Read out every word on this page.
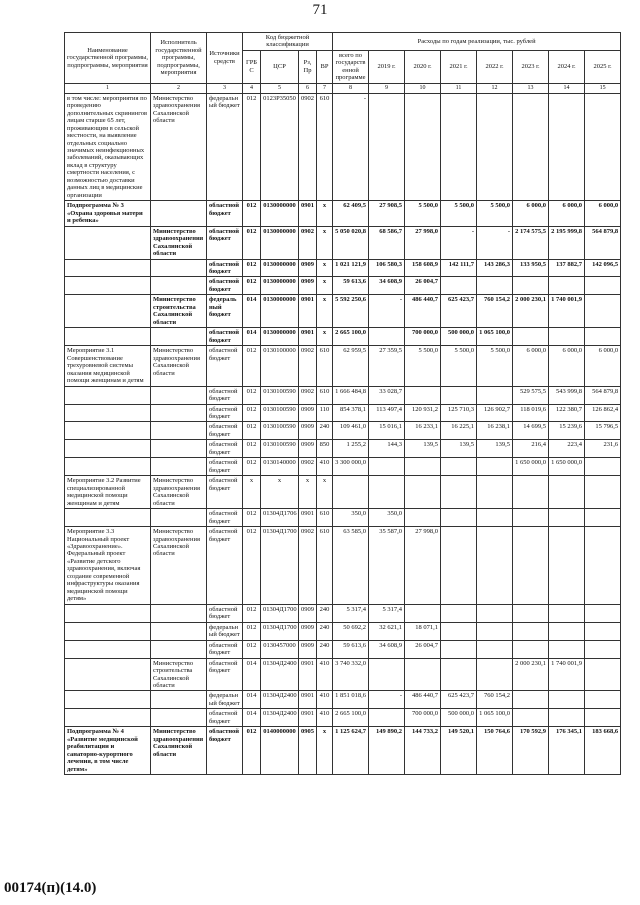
71
Наименование государственной программы, подпрограммы, мероприятия	Исполнитель государственной программы, подпрограммы, мероприятия	Источники средств	Код бюджетной классификации				Расходы по годам реализации, тыс. рублей							
			ГРБС	ЦСР	Рз, Пр	ВР	всего по государственной программе	2019 г.	2020 г.	2021 г.	2022 г.	2023 г.	2024 г.	2025 г.
1	2	3	4	5	6	7	8	9	10	11	12	13	14	15
в том числе: мероприятия по проведению дополнительных скринингов лицам старше 65 лет, проживающим в сельской местности, на выявление отдельных социально значимых неинфекционных заболеваний, оказывающих вклад в структуру смертности населения, с возможностью доставки данных лиц в медицинские организации	Министерство здравоохранения Сахалинской области	федеральный бюджет	012	0123P35050	0902	610	-							
Подпрограмма № 3 «Охрана здоровья матери и ребенка»		областной бюджет	012	0130000000	0901	x	62 409,5	27 908,5	5 500,0	5 500,0	5 500,0	6 000,0	6 000,0	6 000,0
	Министерство здравоохранения Сахалинской области	областной бюджет	012	0130000000	0902	x	5 050 020,8	68 586,7	27 998,0	-	-	2 174 575,5	2 195 999,8	564 879,8
		областной бюджет	012	0130000000	0909	x	1 021 121,9	106 580,3	158 608,9	142 111,7	143 286,3	133 950,5	137 882,7	142 096,5
		областной бюджет	012	0130000000	0909	x	59 613,6	34 608,9	26 004,7					
	Министерство строительства Сахалинской области	федеральный бюджет	014	0130000000	0901	x	5 592 250,6	-	486 440,7	625 423,7	760 154,2	2 000 230,1	1 740 001,9	
		областной бюджет	014	0130000000	0901	x	2 665 100,0		700 000,0	500 000,0	1 065 100,0			
Мероприятие 3.1 Совершенствование трехуровневой системы оказания медицинской помощи женщинам и детям	Министерство здравоохранения Сахалинской области	областной бюджет	012	0130100000	0902	610	62 959,5	27 359,5	5 500,0	5 500,0	5 500,0	6 000,0	6 000,0	6 000,0
		областной бюджет	012	0130100590	0902	610	1 666 484,8	33 028,7				529 575,5	543 999,8	564 879,8
		областной бюджет	012	0130100590	0909	110	854 378,1	113 497,4	120 931,2	125 710,3	126 902,7	118 019,6	122 380,7	126 862,4
		областной бюджет	012	0130100590	0909	240	109 461,0	15 016,1	16 233,1	16 225,1	16 238,1	14 699,5	15 239,6	15 796,5
		областной бюджет	012	0130100590	0909	850	1 255,2	144,3	139,5	139,5	139,5	216,4	223,4	231,6
		областной бюджет	012	0130140000	0902	410	3 300 000,0					1 650 000,0	1 650 000,0	
Мероприятие 3.2 Развитие специализированной медицинской помощи женщинам и детям	Министерство здравоохранения Сахалинской области	областной бюджет	x	x	x	x								
		областной бюджет	012	01304Д1706	0901	610	350,0	350,0						
Мероприятие 3.3 Национальный проект «Здравоохранение». Федеральный проект «Развитие детского здравоохранения, включая создание современной инфраструктуры оказания медицинской помощи детям»	Министерство здравоохранения Сахалинской области	областной бюджет	012	01304Д1700	0902	610	63 585,0	35 587,0	27 998,0					
		областной бюджет	012	01304Д1700	0909	240	5 317,4	5 317,4						
		федеральный бюджет	012	01304Д1700	0909	240	50 692,2	32 621,1	18 071,1					
		областной бюджет	012	0130457000	0909	240	59 613,6	34 608,9	26 004,7					
	Министерство строительства Сахалинской области	областной бюджет	014	01304Д2400	0901	410	3 740 332,0					2 000 230,1	1 740 001,9	
		федеральный бюджет	014	01304Д2400	0901	410	1 851 018,6	-	486 440,7	625 423,7	760 154,2			
		областной бюджет	014	01304Д2400	0901	410	2 665 100,0		700 000,0	500 000,0	1 065 100,0			
Подпрограмма № 4 «Развитие медицинской реабилитации и санаторно-курортного лечения, в том числе детям»	Министерство здравоохранения Сахалинской области	областной бюджет	012	0140000000	0905	x	1 125 624,7	149 890,2	144 733,2	149 520,1	150 764,6	170 592,9	176 345,1	183 668,6
00174(п)(14.0)
